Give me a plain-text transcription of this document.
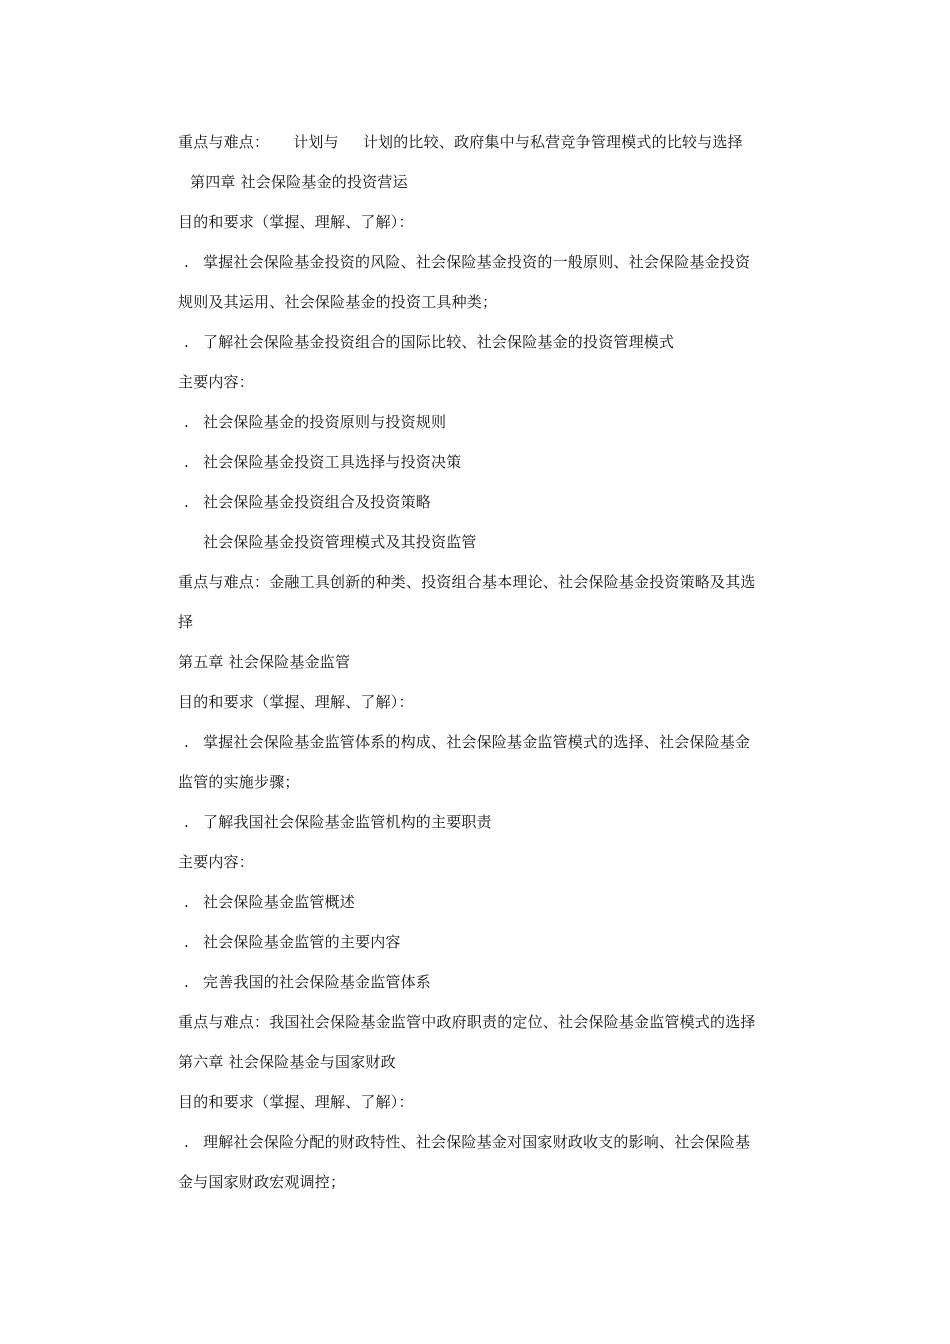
重点与难点： 计划与 计划的比较、政府集中与私营竞争管理模式的比较与选择
第四章 社会保险基金的投资营运
目的和要求（掌握、理解、了解）：
. 掌握社会保险基金投资的风险、社会保险基金投资的一般原则、社会保险基金投资
规则及其运用、社会保险基金的投资工具种类；
. 了解社会保险基金投资组合的国际比较、社会保险基金的投资管理模式
主要内容：
. 社会保险基金的投资原则与投资规则
. 社会保险基金投资工具选择与投资决策
. 社会保险基金投资组合及投资策略
社会保险基金投资管理模式及其投资监管
重点与难点：金融工具创新的种类、投资组合基本理论、社会保险基金投资策略及其选
择
第五章 社会保险基金监管
目的和要求（掌握、理解、了解）：
. 掌握社会保险基金监管体系的构成、社会保险基金监管模式的选择、社会保险基金
监管的实施步骤；
. 了解我国社会保险基金监管机构的主要职责
主要内容：
. 社会保险基金监管概述
. 社会保险基金监管的主要内容
. 完善我国的社会保险基金监管体系
重点与难点：我国社会保险基金监管中政府职责的定位、社会保险基金监管模式的选择
第六章 社会保险基金与国家财政
目的和要求（掌握、理解、了解）：
. 理解社会保险分配的财政特性、社会保险基金对国家财政收支的影响、社会保险基
金与国家财政宏观调控；
